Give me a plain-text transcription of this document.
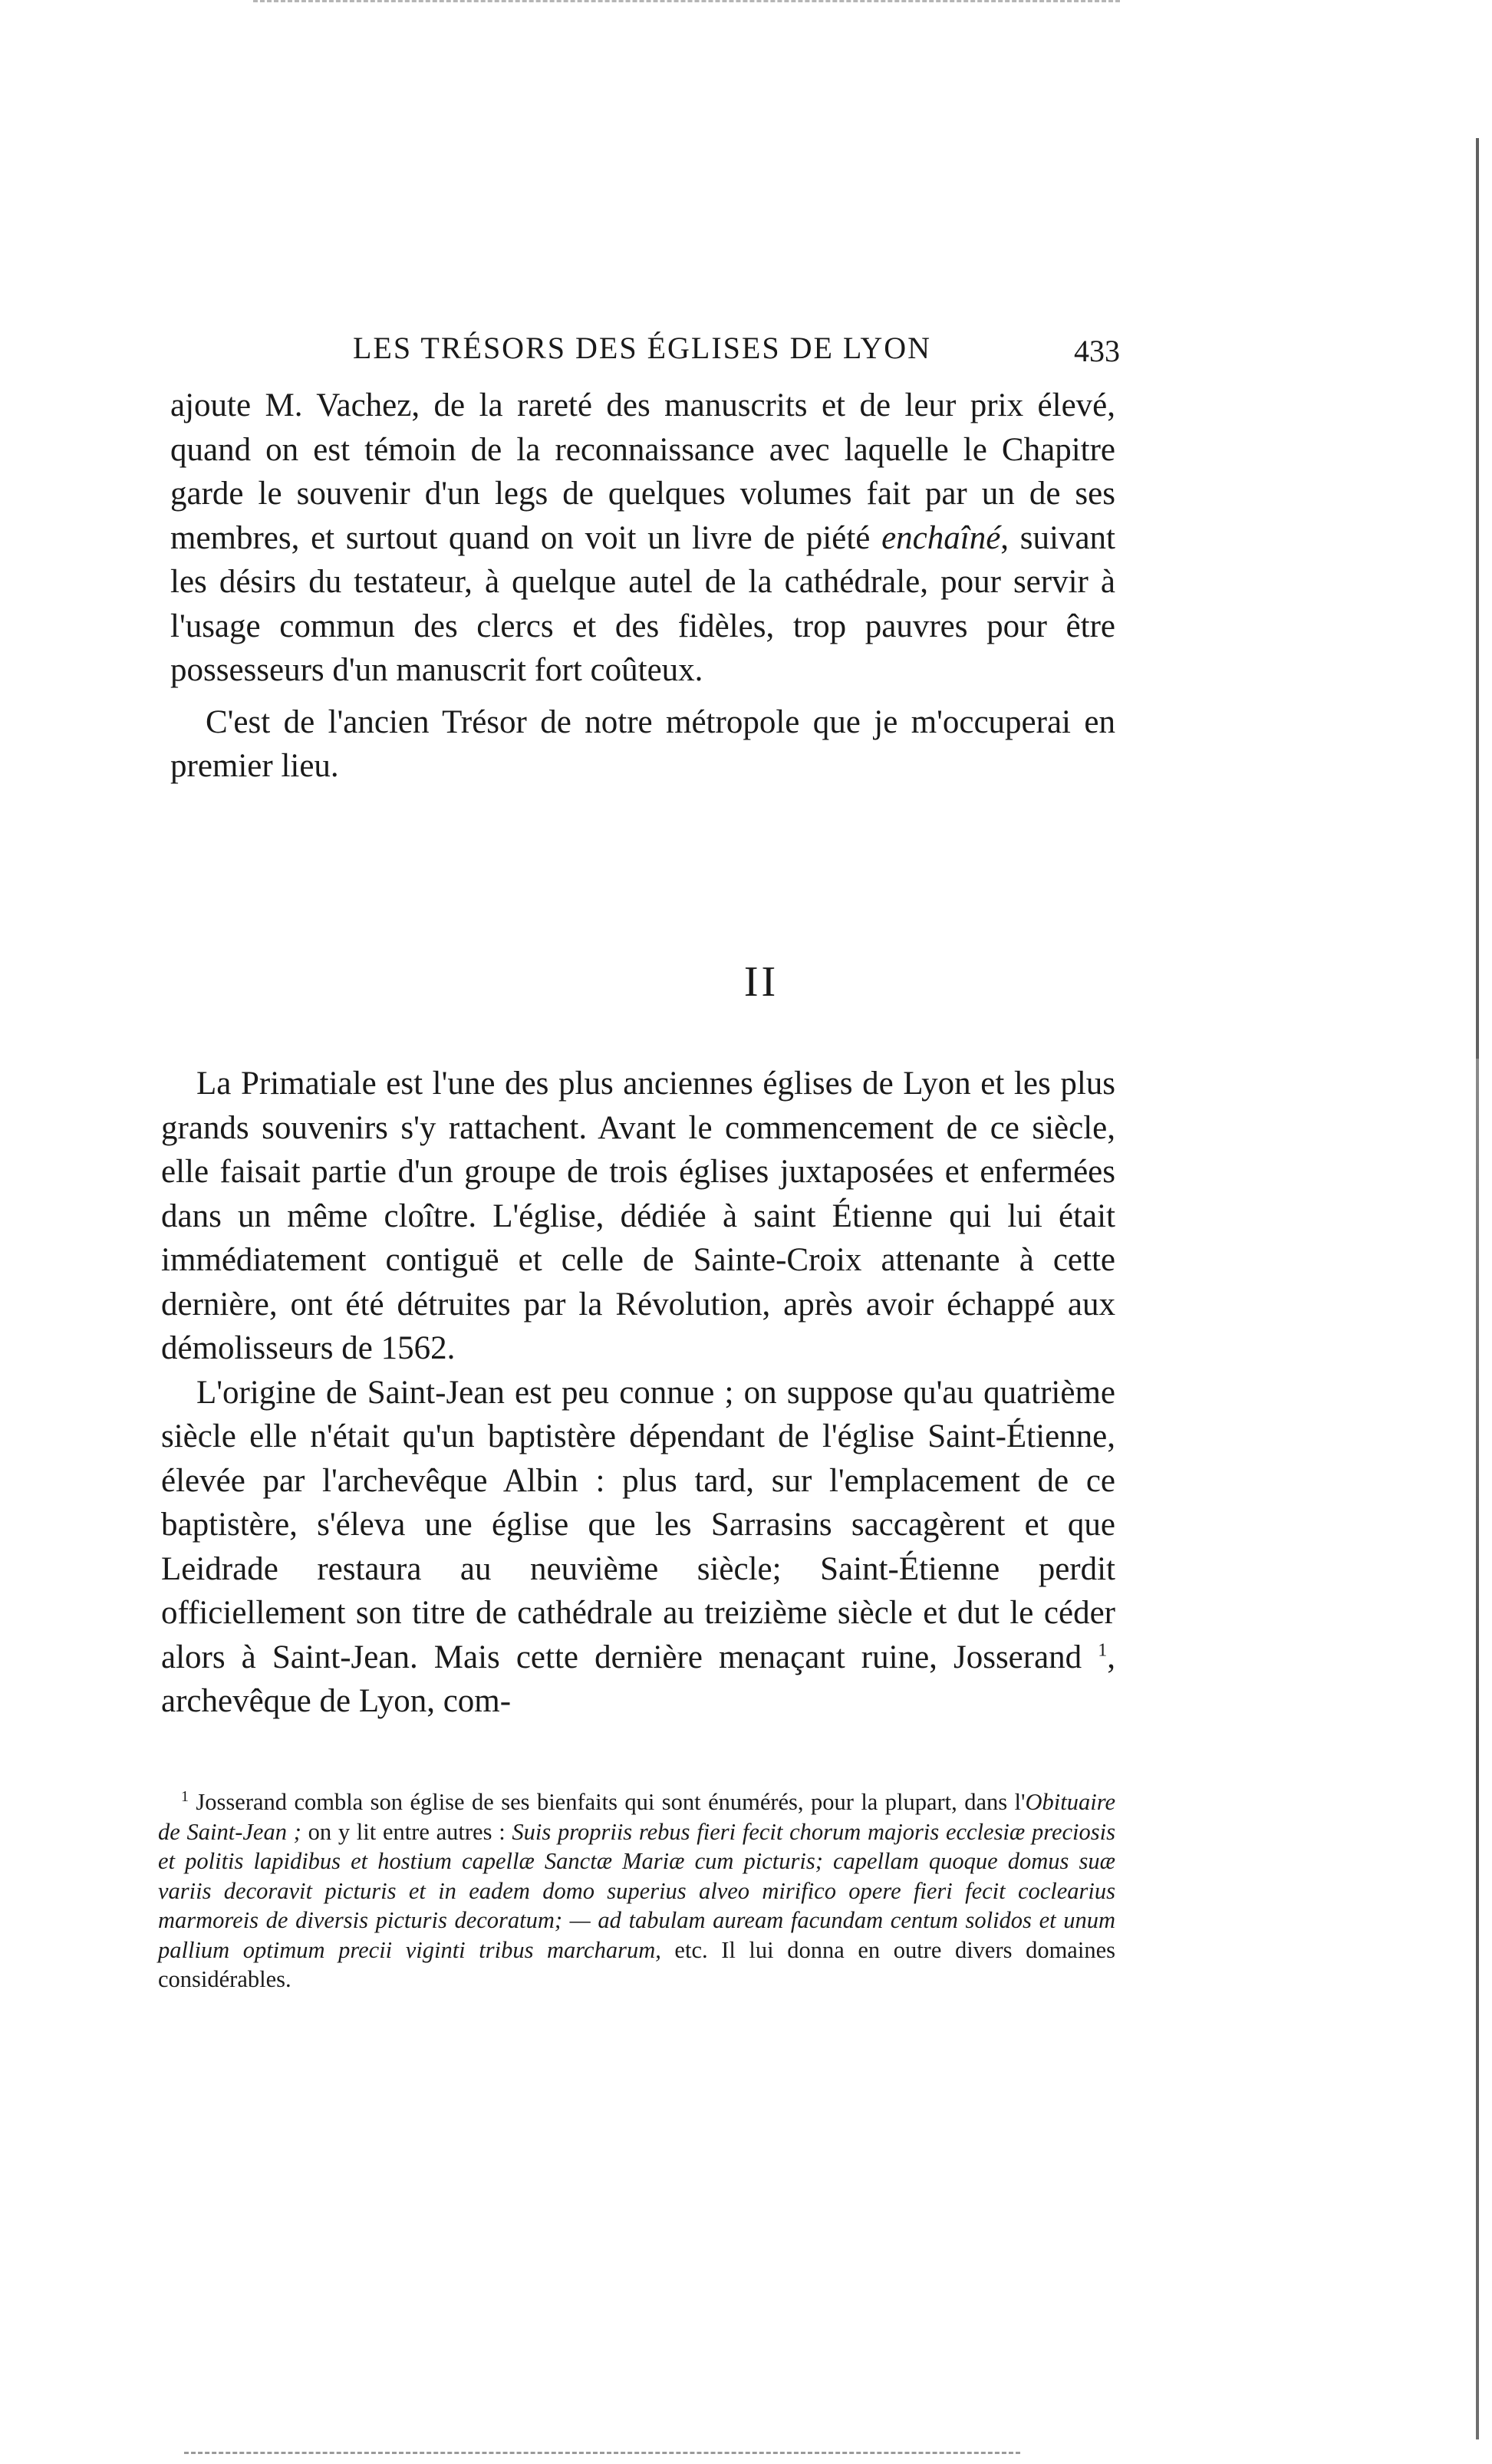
LES TRÉSORS DES ÉGLISES DE LYON	433

ajoute M. Vachez, de la rareté des manuscrits et de leur prix élevé, quand on est témoin de la reconnaissance avec laquelle le Chapitre garde le souvenir d'un legs de quelques volumes fait par un de ses membres, et surtout quand on voit un livre de piété enchaîné, suivant les désirs du testateur, à quelque autel de la cathédrale, pour servir à l'usage commun des clercs et des fidèles, trop pauvres pour être possesseurs d'un manuscrit fort coûteux.

C'est de l'ancien Trésor de notre métropole que je m'occuperai en premier lieu.

II

La Primatiale est l'une des plus anciennes églises de Lyon et les plus grands souvenirs s'y rattachent. Avant le commencement de ce siècle, elle faisait partie d'un groupe de trois églises juxtaposées et enfermées dans un même cloître. L'église, dédiée à saint Étienne qui lui était immédiatement contiguë et celle de Sainte-Croix attenante à cette dernière, ont été détruites par la Révolution, après avoir échappé aux démolisseurs de 1562.

L'origine de Saint-Jean est peu connue ; on suppose qu'au quatrième siècle elle n'était qu'un baptistère dépendant de l'église Saint-Étienne, élevée par l'archevêque Albin : plus tard, sur l'emplacement de ce baptistère, s'éleva une église que les Sarrasins saccagèrent et que Leidrade restaura au neuvième siècle; Saint-Étienne perdit officiellement son titre de cathédrale au treizième siècle et dut le céder alors à Saint-Jean. Mais cette dernière menaçant ruine, Josserand $^1$, archevêque de Lyon, com-

$^1$ Josserand combla son église de ses bienfaits qui sont énumérés, pour la plupart, dans l'Obituaire de Saint-Jean ; on y lit entre autres : Suis propriis rebus fieri fecit chorum majoris ecclesiæ preciosis et politis lapidibus et hostium capellæ Sanctæ Mariæ cum picturis; capellam quoque domus suæ variis decoravit picturis et in eadem domo superius alveo mirifico opere fieri fecit coclearius marmoreis de diversis picturis decoratum; — ad tabulam auream facundam centum solidos et unum pallium optimum precii viginti tribus marcharum, etc. Il lui donna en outre divers domaines considérables.
